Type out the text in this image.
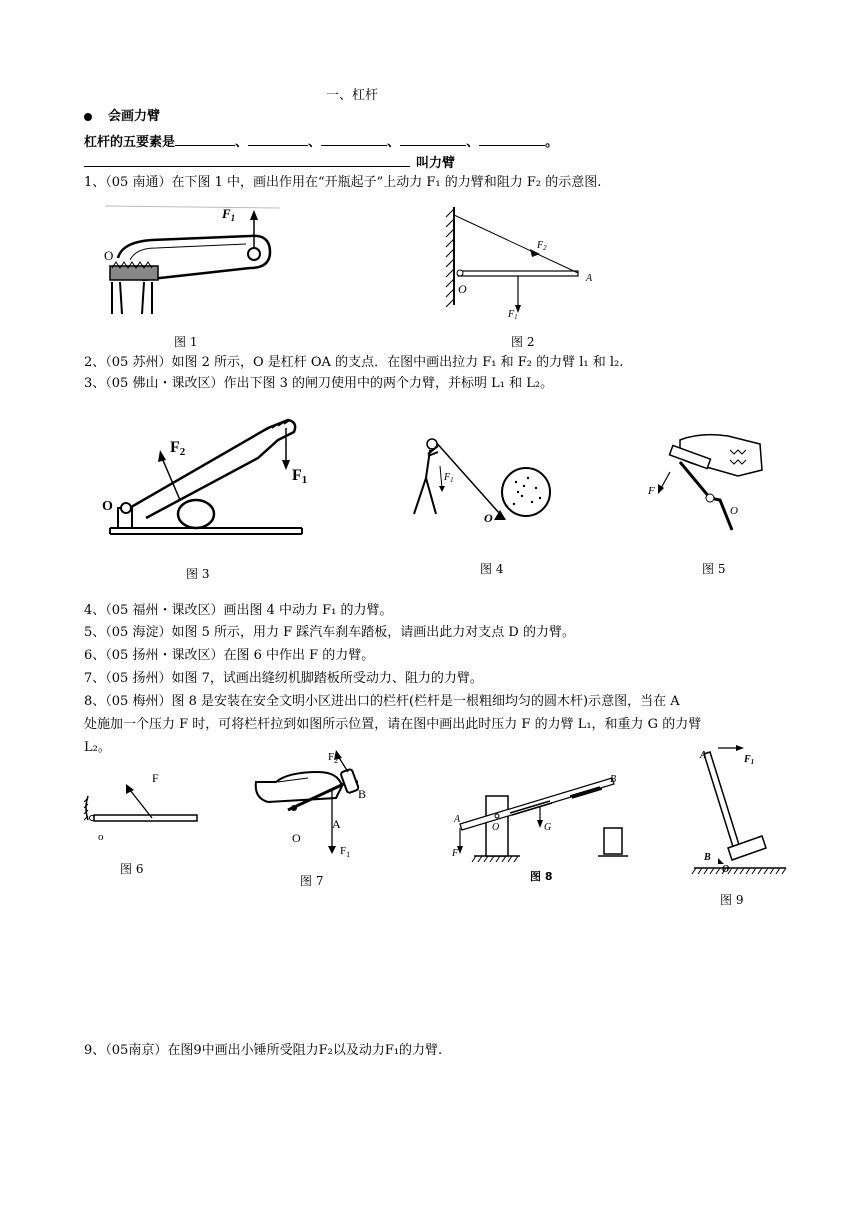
一、杠杆
会画力臂
杠杆的五要素是	、	、	、	、	。
叫力臂
1、（05 南通）在下图 1 中，画出作用在“开瓶起子”上动力 F₁ 的力臂和阻力 F₂ 的示意图.
O
$F_1$
图 1
$F_2$
A
O
$F_1$
图 2
2、（05 苏州）如图 2 所示，O 是杠杆 OA 的支点．在图中画出拉力 F₁ 和 F₂ 的力臂 l₁ 和 l₂.
3、（05 佛山・课改区）作出下图 3 的闸刀使用中的两个力臂，并标明 L₁ 和 L₂。
O
F2
F1
图 3
$F_1$
O
图 4
F
O
图 5
4、（05 福州・课改区）画出图 4 中动力 F₁ 的力臂。
5、（05 海淀）如图 5 所示，用力 F 踩汽车刹车踏板，请画出此力对支点 D 的力臂。
6、（05 扬州・课改区）在图 6 中作出 F 的力臂。
7、（05 扬州）如图 7，试画出缝纫机脚踏板所受动力、阻力的力臂。
8、（05 梅州）图 8 是安装在安全文明小区进出口的栏杆(栏杆是一根粗细均匀的圆木杆)示意图，当在 A
处施加一个压力 F 时，可将栏杆拉到如图所示位置，请在图中画出此时压力 F 的力臂 L₁，和重力 G 的力臂
L₂。
F
o
图 6
$F_2$
B
A
O
$F_1$
图 7
A
O	G
B
F
图 8
A	$F_1$
B
O
图 9
9、（05南京）在图9中画出小锤所受阻力F₂以及动力F₁的力臂.
